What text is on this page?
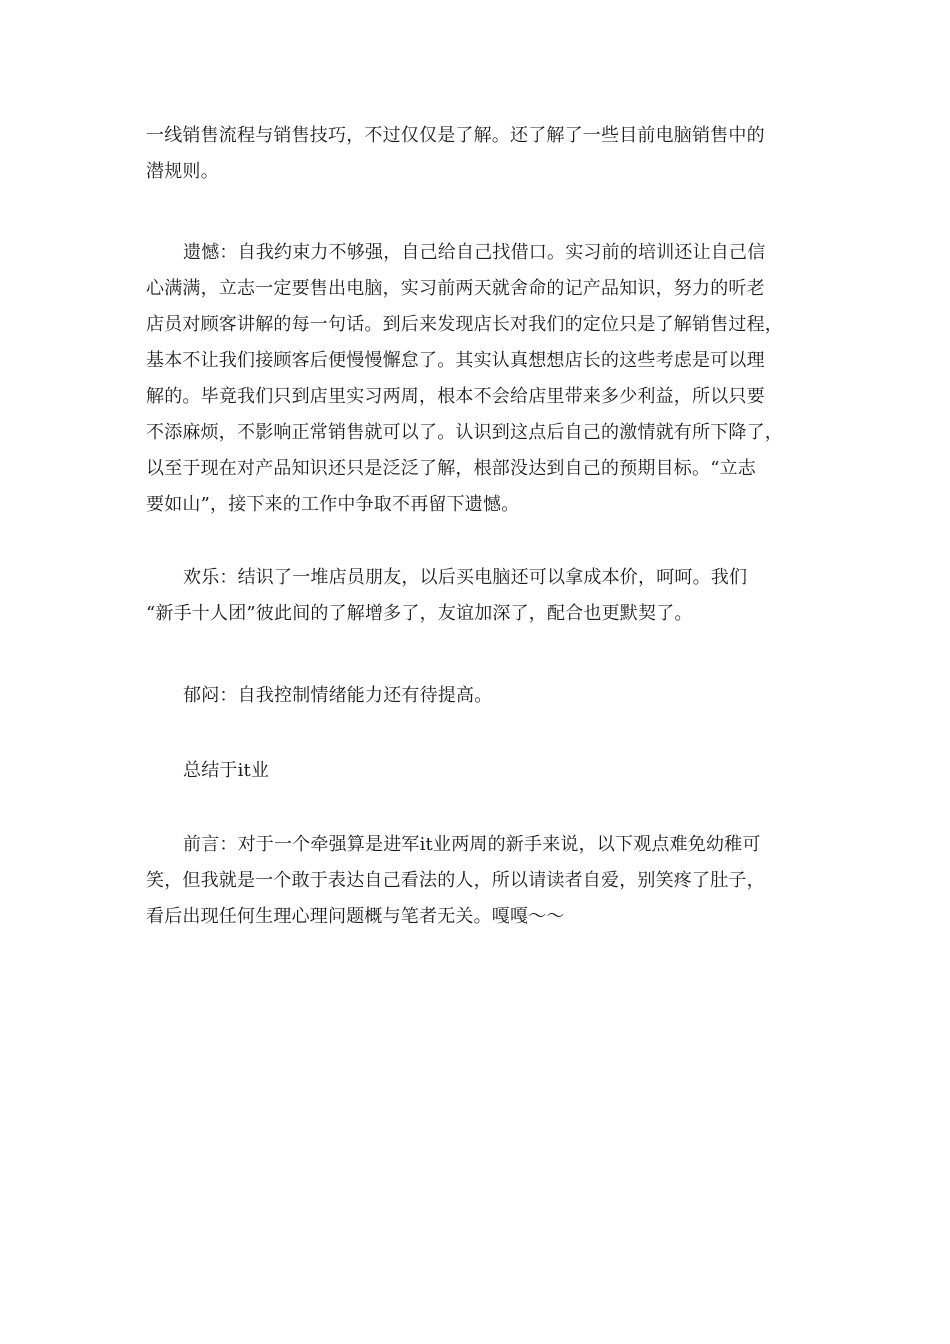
一线销售流程与销售技巧，不过仅仅是了解。还了解了一些目前电脑销售中的
潜规则。
遗憾：自我约束力不够强，自己给自己找借口。实习前的培训还让自己信
心满满，立志一定要售出电脑，实习前两天就舍命的记产品知识，努力的听老
店员对顾客讲解的每一句话。到后来发现店长对我们的定位只是了解销售过程，
基本不让我们接顾客后便慢慢懈怠了。其实认真想想店长的这些考虑是可以理
解的。毕竟我们只到店里实习两周，根本不会给店里带来多少利益，所以只要
不添麻烦，不影响正常销售就可以了。认识到这点后自己的激情就有所下降了，
以至于现在对产品知识还只是泛泛了解，根部没达到自己的预期目标。“立志
要如山”，接下来的工作中争取不再留下遗憾。
欢乐：结识了一堆店员朋友，以后买电脑还可以拿成本价，呵呵。我们
“新手十人团”彼此间的了解增多了，友谊加深了，配合也更默契了。
郁闷：自我控制情绪能力还有待提高。
总结于it业
前言：对于一个牵强算是进军it业两周的新手来说，以下观点难免幼稚可
笑，但我就是一个敢于表达自己看法的人，所以请读者自爱，别笑疼了肚子，
看后出现任何生理心理问题概与笔者无关。嘎嘎～～
